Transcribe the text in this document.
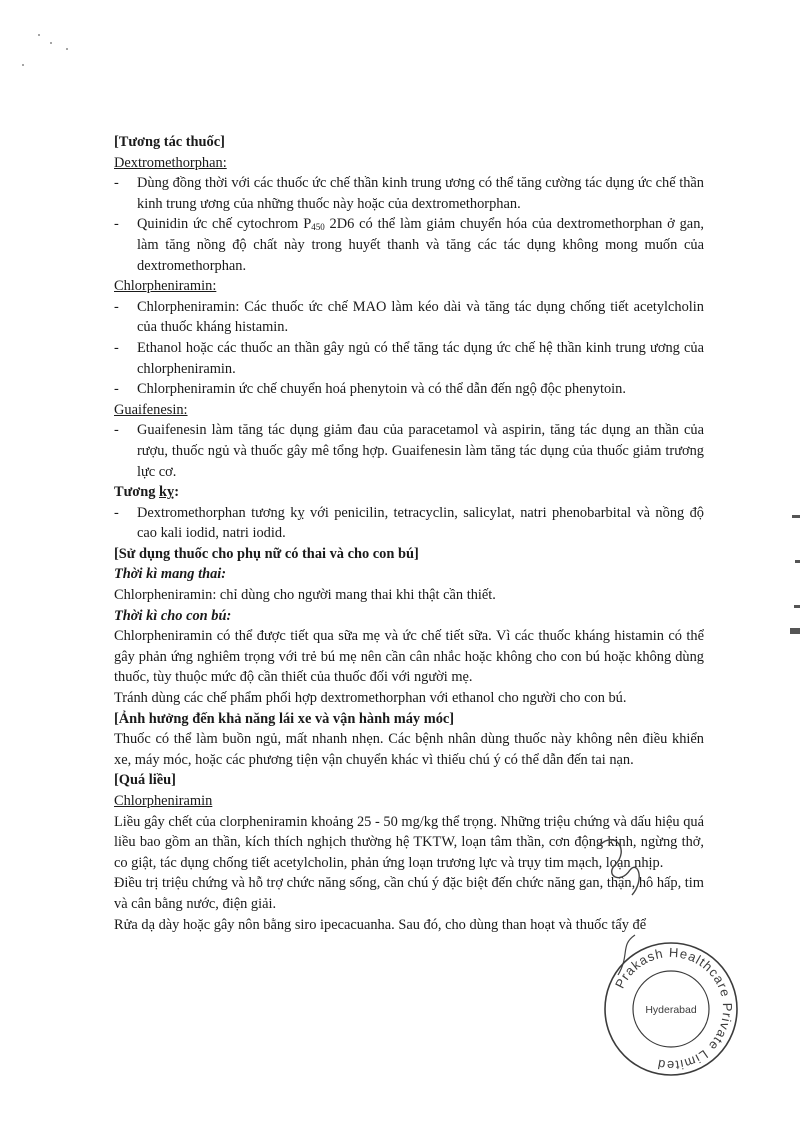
[Tương tác thuốc]

Dextromethorphan:

- Dùng đồng thời với các thuốc ức chế thần kinh trung ương có thể tăng cường tác dụng ức chế thần kinh trung ương của những thuốc này hoặc của dextromethorphan.
- Quinidin ức chế cytochrom $P_{450}$ 2D6 có thể làm giảm chuyển hóa của dextromethorphan ở gan, làm tăng nồng độ chất này trong huyết thanh và tăng các tác dụng không mong muốn của dextromethorphan.

Chlorpheniramin:

- Chlorpheniramin: Các thuốc ức chế MAO làm kéo dài và tăng tác dụng chống tiết acetylcholin của thuốc kháng histamin.
- Ethanol hoặc các thuốc an thần gây ngủ có thể tăng tác dụng ức chế hệ thần kinh trung ương của chlorpheniramin.
- Chlorpheniramin ức chế chuyển hoá phenytoin và có thể dẫn đến ngộ độc phenytoin.

Guaifenesin:

- Guaifenesin làm tăng tác dụng giảm đau của paracetamol và aspirin, tăng tác dụng an thần của rượu, thuốc ngủ và thuốc gây mê tổng hợp. Guaifenesin làm tăng tác dụng của thuốc giảm trương lực cơ.

Tương kỵ:

- Dextromethorphan tương kỵ với penicilin, tetracyclin, salicylat, natri phenobarbital và nồng độ cao kali iodid, natri iodid.

[Sử dụng thuốc cho phụ nữ có thai và cho con bú]

Thời kì mang thai:

Chlorpheniramin: chỉ dùng cho người mang thai khi thật cần thiết.

Thời kì cho con bú:

Chlorpheniramin có thể được tiết qua sữa mẹ và ức chế tiết sữa. Vì các thuốc kháng histamin có thể gây phản ứng nghiêm trọng với trẻ bú mẹ nên cần cân nhắc hoặc không cho con bú hoặc không dùng thuốc, tùy thuộc mức độ cần thiết của thuốc đối với người mẹ.

Tránh dùng các chế phẩm phối hợp dextromethorphan với ethanol cho người cho con bú.

[Ảnh hưởng đến khả năng lái xe và vận hành máy móc]

Thuốc có thể làm buồn ngủ, mất nhanh nhẹn. Các bệnh nhân dùng thuốc này không nên điều khiển xe, máy móc, hoặc các phương tiện vận chuyển khác vì thiếu chú ý có thể dẫn đến tai nạn.

[Quá liều]

Chlorpheniramin

Liều gây chết của clorpheniramin khoảng 25 - 50 mg/kg thể trọng. Những triệu chứng và dấu hiệu quá liều bao gồm an thần, kích thích nghịch thường hệ TKTW, loạn tâm thần, cơn động kinh, ngừng thở, co giật, tác dụng chống tiết acetylcholin, phản ứng loạn trương lực và trụy tim mạch, loạn nhịp.

Điều trị triệu chứng và hỗ trợ chức năng sống, cần chú ý đặc biệt đến chức năng gan, thận, hô hấp, tim và cân bằng nước, điện giải.

Rửa dạ dày hoặc gây nôn bằng siro ipecacuanha. Sau đó, cho dùng than hoạt và thuốc tẩy để

Prakash Healthcare Private Limited
Hyderabad
